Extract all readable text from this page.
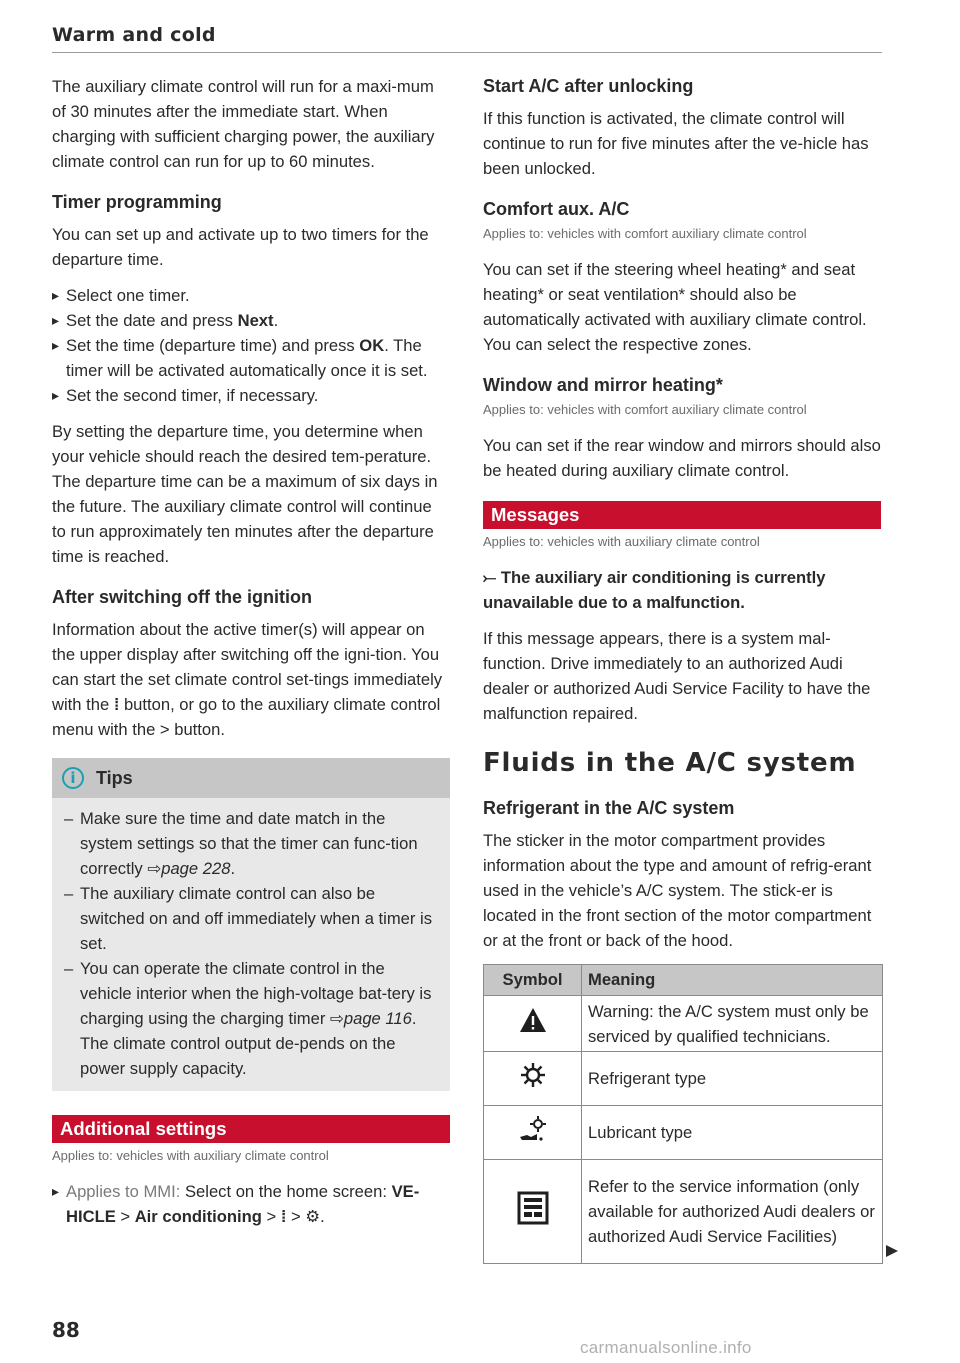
Warm and cold

The auxiliary climate control will run for a maxi-mum of 30 minutes after the immediate start. When charging with sufficient charging power, the auxiliary climate control can run for up to 60 minutes.

Timer programming

You can set up and activate up to two timers for the departure time.

▸ Select one timer.

▸ Set the date and press Next.

▸ Set the time (departure time) and press OK. The timer will be activated automatically once it is set.

▸ Set the second timer, if necessary.

By setting the departure time, you determine when your vehicle should reach the desired tem-perature. The departure time can be a maximum of six days in the future. The auxiliary climate control will continue to run approximately ten minutes after the departure time is reached.

After switching off the ignition

Information about the active timer(s) will appear on the upper display after switching off the igni-tion. You can start the set climate control set-tings immediately with the ⁞ button, or go to the auxiliary climate control menu with the > button.

i	Tips
– Make sure the time and date match in the system settings so that the timer can func-tion correctly ⇨page 228.
– The auxiliary climate control can also be switched on and off immediately when a timer is set.
– You can operate the climate control in the vehicle interior when the high-voltage bat-tery is charging using the charging timer ⇨page 116. The climate control output de-pends on the power supply capacity.
Additional settings
Applies to: vehicles with auxiliary climate control

▸ Applies to MMI: Select on the home screen: VE-HICLE > Air conditioning > ⁞ > ⚙.

Start A/C after unlocking

If this function is activated, the climate control will continue to run for five minutes after the ve-hicle has been unlocked.

Comfort aux. A/C
Applies to: vehicles with comfort auxiliary climate control

You can set if the steering wheel heating* and seat heating* or seat ventilation* should also be automatically activated with auxiliary climate control. You can select the respective zones.

Window and mirror heating*
Applies to: vehicles with comfort auxiliary climate control

You can set if the rear window and mirrors should also be heated during auxiliary climate control.

Messages
Applies to: vehicles with auxiliary climate control
⤚ The auxiliary air conditioning is currently unavailable due to a malfunction.

If this message appears, there is a system mal-function. Drive immediately to an authorized Audi dealer or authorized Audi Service Facility to have the malfunction repaired.

Fluids in the A/C system
Refrigerant in the A/C system

The sticker in the motor compartment provides information about the type and amount of refrig-erant used in the vehicle’s A/C system. The stick-er is located in the front section of the motor compartment or at the front or back of the hood.

Symbol	Meaning
	Warning: the A/C system must only be serviced by qualified technicians.
	Refrigerant type
	Lubricant type
	Refer to the service information (only available for authorized Audi dealers or authorized Audi Service Facilities)
88
carmanualsonline.info
